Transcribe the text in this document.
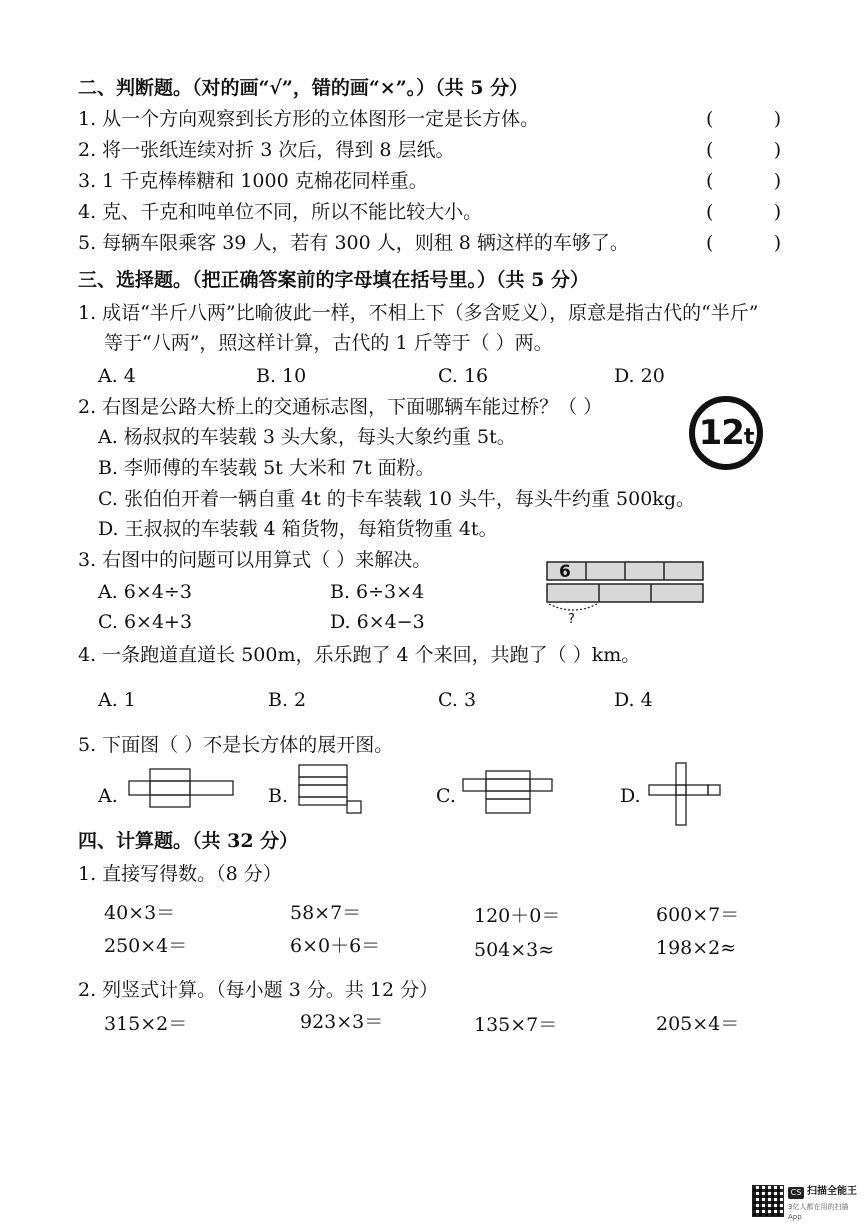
二、判断题。（对的画“√”，错的画“×”。）（共 5 分）
1. 从一个方向观察到长方形的立体图形一定是长方体。	(          )
2. 将一张纸连续对折 3 次后，得到 8 层纸。	(          )
3. 1 千克棒棒糖和 1000 克棉花同样重。	(          )
4. 克、千克和吨单位不同，所以不能比较大小。	(          )
5. 每辆车限乘客 39 人，若有 300 人，则租 8 辆这样的车够了。	(          )
三、选择题。（把正确答案前的字母填在括号里。）（共 5 分）
1. 成语“半斤八两”比喻彼此一样，不相上下（多含贬义），原意是指古代的“半斤”
等于“八两”，照这样计算，古代的 1 斤等于（ ）两。
A. 4	B. 10	C. 16	D. 20
2. 右图是公路大桥上的交通标志图，下面哪辆车能过桥？（ ）
A. 杨叔叔的车装载 3 头大象，每头大象约重 5t。
B. 李师傅的车装载 5t 大米和 7t 面粉。
C. 张伯伯开着一辆自重 4t 的卡车装载 10 头牛，每头牛约重 500kg。
D. 王叔叔的车装载 4 箱货物，每箱货物重 4t。
12t
3. 右图中的问题可以用算式（ ）来解决。
A. 6×4÷3	B. 6÷3×4
C. 6×4+3	D. 6×4−3
6
?
4. 一条跑道直道长 500m，乐乐跑了 4 个来回，共跑了（ ）km。
A. 1	B. 2	C. 3	D. 4
5. 下面图（ ）不是长方体的展开图。
A.	B.	C.	D.
四、计算题。（共 32 分）
1. 直接写得数。（8 分）
40×3＝	58×7＝	120＋0＝	600×7＝
250×4＝	6×0＋6＝	504×3≈	198×2≈
2. 列竖式计算。（每小题 3 分。共 12 分）
315×2＝	923×3＝	135×7＝	205×4＝
CS 扫描全能王
3亿人都在用的扫描App
